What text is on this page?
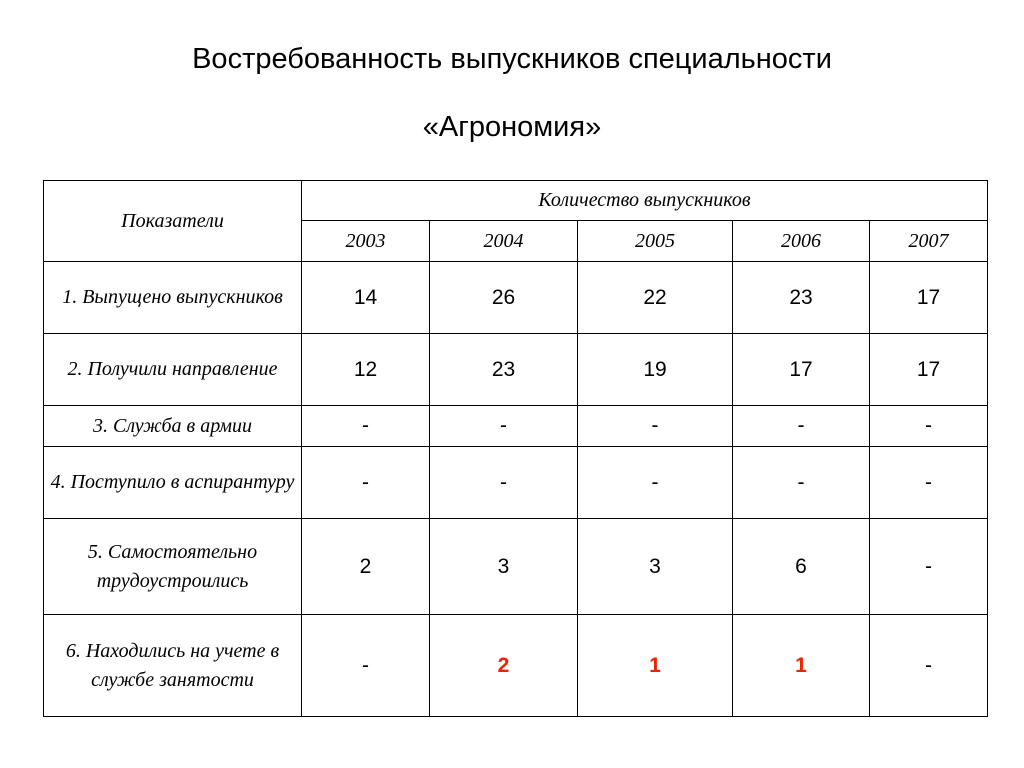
Востребованность выпускников специальности
«Агрономия»
Показатели	Количество выпускников				
	2003	2004	2005	2006	2007
1. Выпущено выпускников	14	26	22	23	17
2. Получили направление	12	23	19	17	17
3. Служба в армии	-	-	-	-	-
4. Поступило в аспирантуру	-	-	-	-	-
5. Самостоятельно трудоустроились	2	3	3	6	-
6. Находились на учете в службе занятости	-	2	1	1	-
